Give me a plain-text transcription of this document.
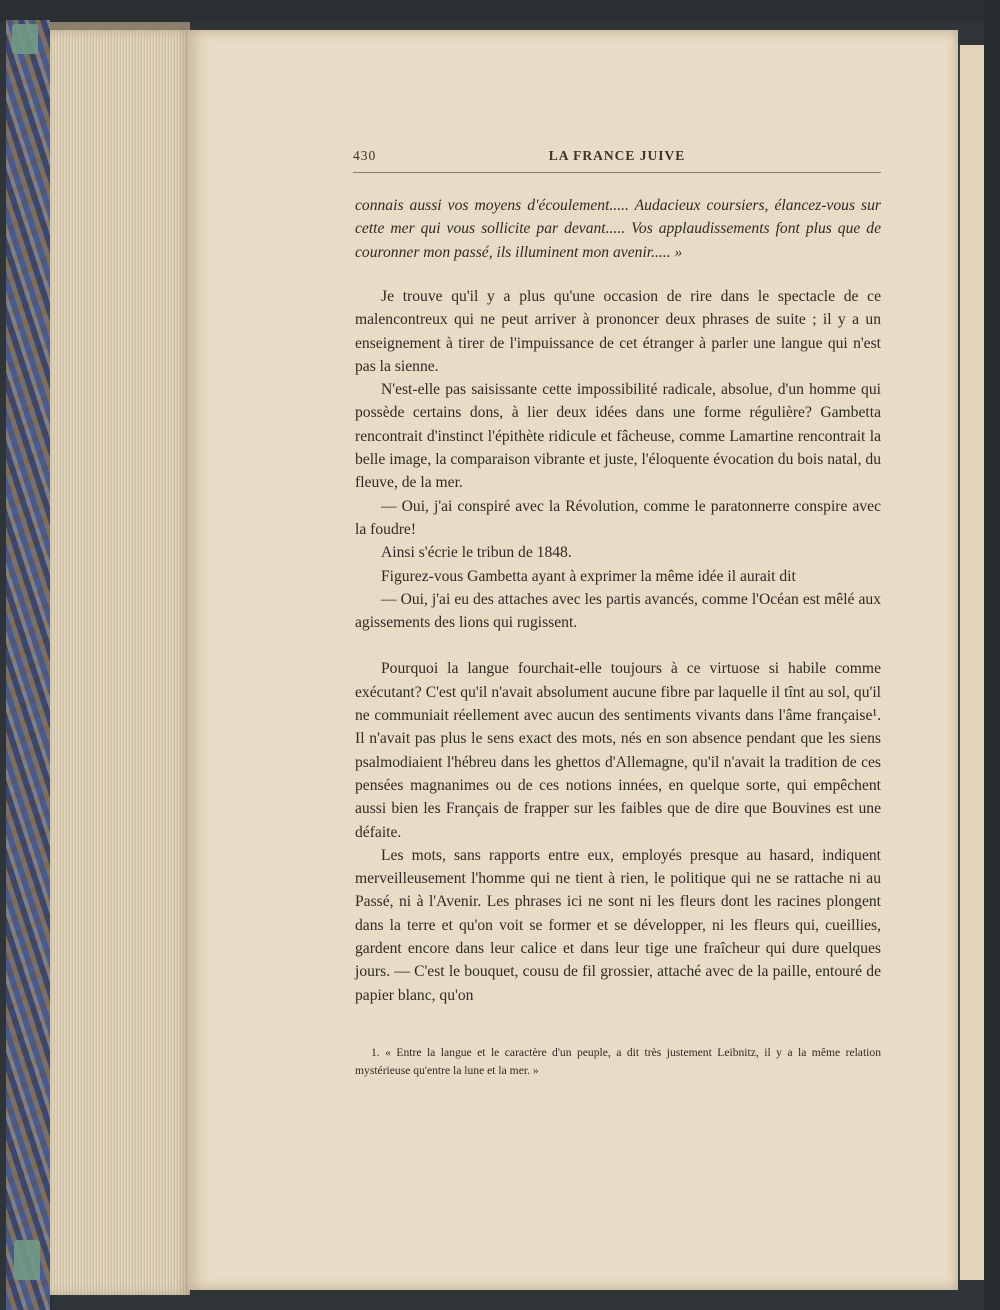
430	LA FRANCE JUIVE

connais aussi vos moyens d'écoulement..... Audacieux coursiers, élancez-vous sur cette mer qui vous sollicite par devant..... Vos applaudissements font plus que de couronner mon passé, ils illuminent mon avenir..... »

Je trouve qu'il y a plus qu'une occasion de rire dans le spectacle de ce malencontreux qui ne peut arriver à prononcer deux phrases de suite ; il y a un enseignement à tirer de l'impuissance de cet étranger à parler une langue qui n'est pas la sienne.

N'est-elle pas saisissante cette impossibilité radicale, absolue, d'un homme qui possède certains dons, à lier deux idées dans une forme régulière? Gambetta rencontrait d'instinct l'épithète ridicule et fâcheuse, comme Lamartine rencontrait la belle image, la comparaison vibrante et juste, l'éloquente évocation du bois natal, du fleuve, de la mer.

— Oui, j'ai conspiré avec la Révolution, comme le paratonnerre conspire avec la foudre!

Ainsi s'écrie le tribun de 1848.

Figurez-vous Gambetta ayant à exprimer la même idée il aurait dit

— Oui, j'ai eu des attaches avec les partis avancés, comme l'Océan est mêlé aux agissements des lions qui rugissent.

Pourquoi la langue fourchait-elle toujours à ce virtuose si habile comme exécutant? C'est qu'il n'avait absolument aucune fibre par laquelle il tînt au sol, qu'il ne communiait réellement avec aucun des sentiments vivants dans l'âme française¹. Il n'avait pas plus le sens exact des mots, nés en son absence pendant que les siens psalmodiaient l'hébreu dans les ghettos d'Allemagne, qu'il n'avait la tradition de ces pensées magnanimes ou de ces notions innées, en quelque sorte, qui empêchent aussi bien les Français de frapper sur les faibles que de dire que Bouvines est une défaite.

Les mots, sans rapports entre eux, employés presque au hasard, indiquent merveilleusement l'homme qui ne tient à rien, le politique qui ne se rattache ni au Passé, ni à l'Avenir. Les phrases ici ne sont ni les fleurs dont les racines plongent dans la terre et qu'on voit se former et se développer, ni les fleurs qui, cueillies, gardent encore dans leur calice et dans leur tige une fraîcheur qui dure quelques jours. — C'est le bouquet, cousu de fil grossier, attaché avec de la paille, entouré de papier blanc, qu'on

1. « Entre la langue et le caractère d'un peuple, a dit très justement Leibnitz, il y a la même relation mystérieuse qu'entre la lune et la mer. »
